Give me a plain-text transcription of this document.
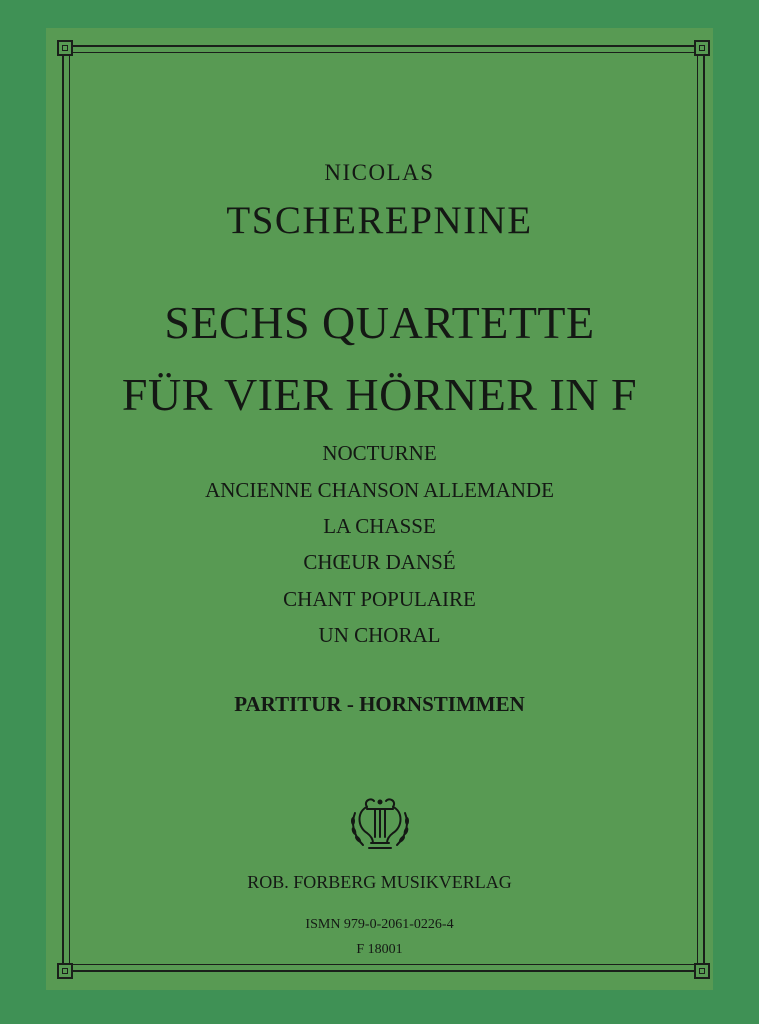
NICOLAS
TSCHEREPNINE
SECHS QUARTETTE
FÜR VIER HÖRNER IN F
NOCTURNE
ANCIENNE CHANSON ALLEMANDE
LA CHASSE
CHŒUR DANSÉ
CHANT POPULAIRE
UN CHORAL
PARTITUR - HORNSTIMMEN
ROB. FORBERG MUSIKVERLAG
ISMN 979-0-2061-0226-4
F 18001
